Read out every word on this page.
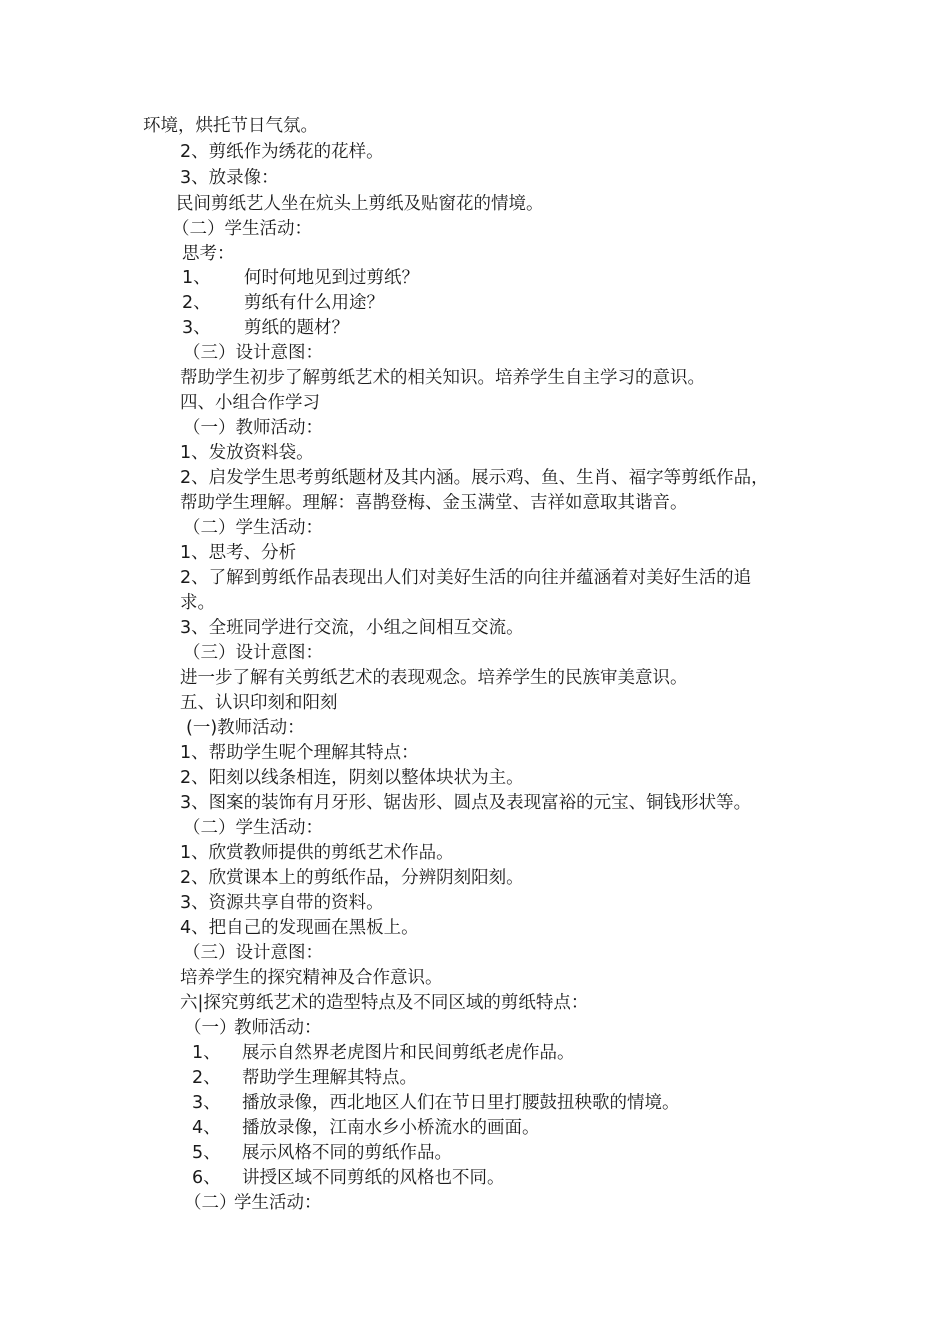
环境，烘托节日气氛。
2、剪纸作为绣花的花样。
3、放录像：
民间剪纸艺人坐在炕头上剪纸及贴窗花的情境。
（二）学生活动：
思考：
1、 何时何地见到过剪纸？
2、 剪纸有什么用途？
3、 剪纸的题材？
（三）设计意图：
帮助学生初步了解剪纸艺术的相关知识。培养学生自主学习的意识。
四、小组合作学习
（一）教师活动：
1、发放资料袋。
2、启发学生思考剪纸题材及其内涵。展示鸡、鱼、生肖、福字等剪纸作品，
帮助学生理解。理解：喜鹊登梅、金玉满堂、吉祥如意取其谐音。
（二）学生活动：
1、思考、分析
2、了解到剪纸作品表现出人们对美好生活的向往并蕴涵着对美好生活的追
求。
3、全班同学进行交流，小组之间相互交流。
（三）设计意图：
进一步了解有关剪纸艺术的表现观念。培养学生的民族审美意识。
五、认识印刻和阳刻
(一)教师活动：
1、帮助学生呢个理解其特点：
2、阳刻以线条相连，阴刻以整体块状为主。
3、图案的装饰有月牙形、锯齿形、圆点及表现富裕的元宝、铜钱形状等。
（二）学生活动：
1、欣赏教师提供的剪纸艺术作品。
2、欣赏课本上的剪纸作品，分辨阴刻阳刻。
3、资源共享自带的资料。
4、把自己的发现画在黑板上。
（三）设计意图：
培养学生的探究精神及合作意识。
六|探究剪纸艺术的造型特点及不同区域的剪纸特点：
（一）教师活动：
1、 展示自然界老虎图片和民间剪纸老虎作品。
2、 帮助学生理解其特点。
3、 播放录像，西北地区人们在节日里打腰鼓扭秧歌的情境。
4、 播放录像，江南水乡小桥流水的画面。
5、 展示风格不同的剪纸作品。
6、 讲授区域不同剪纸的风格也不同。
（二）学生活动：
